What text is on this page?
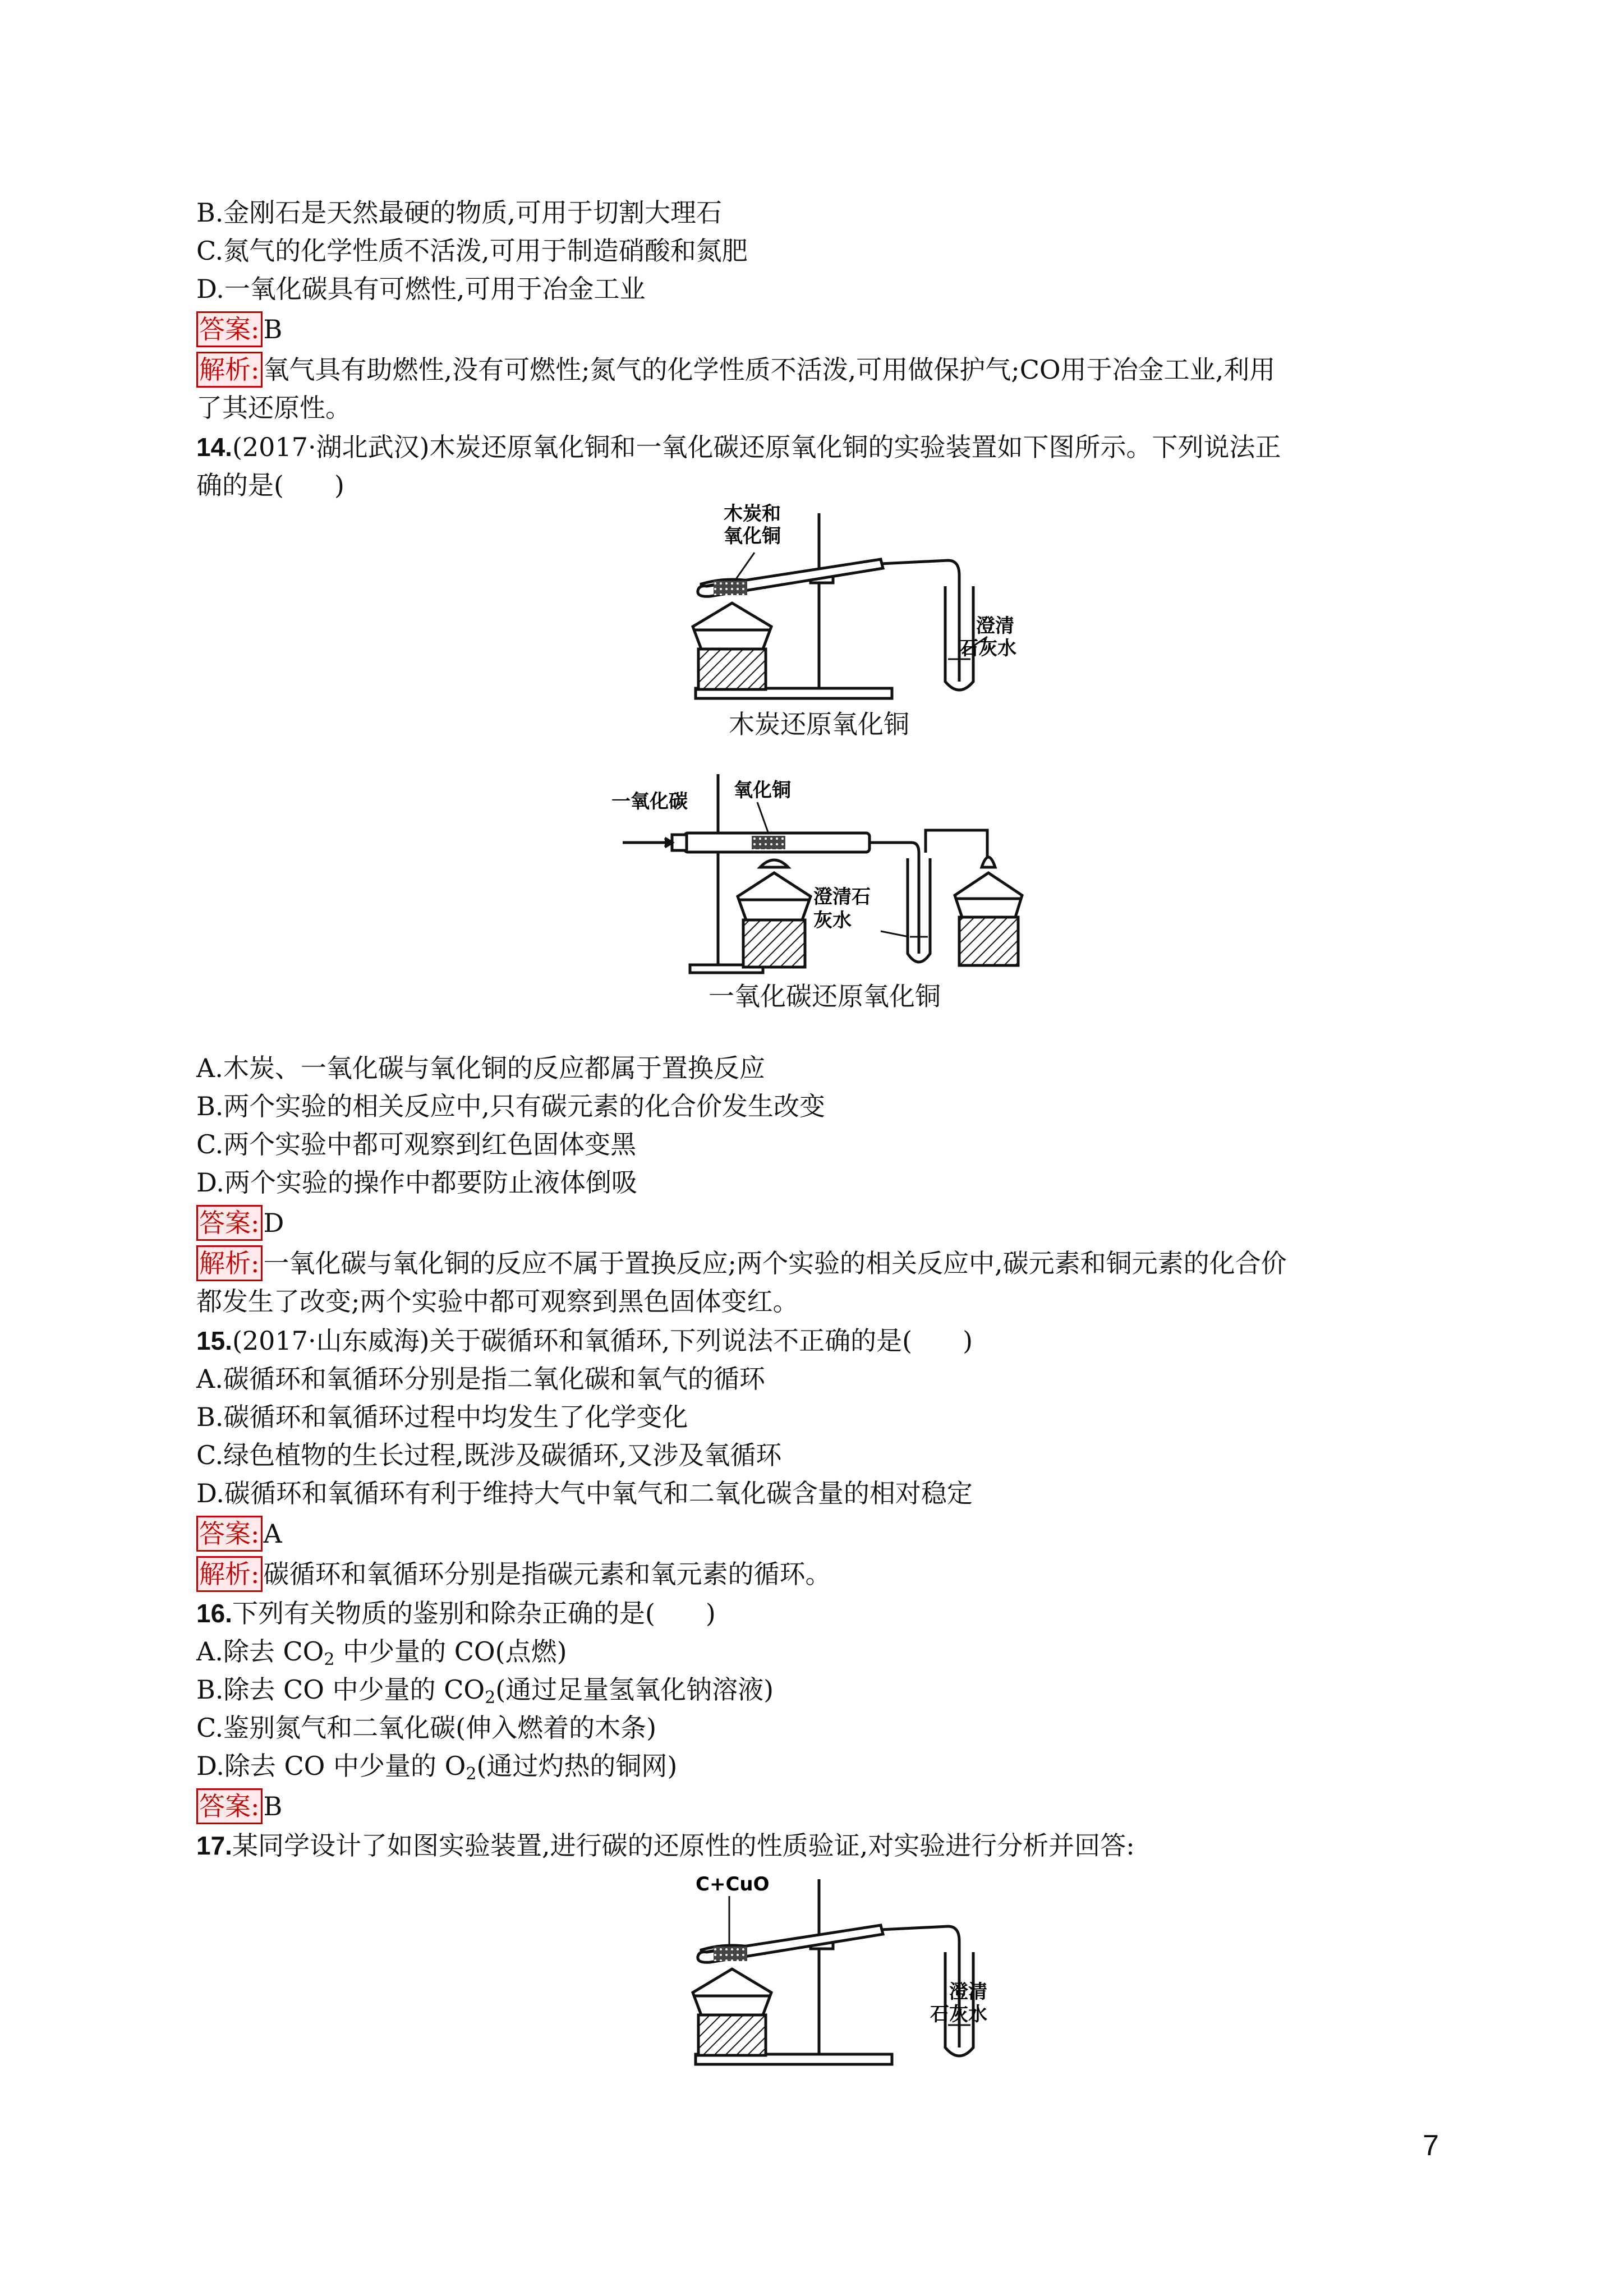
B.金刚石是天然最硬的物质,可用于切割大理石
C.氮气的化学性质不活泼,可用于制造硝酸和氮肥
D.一氧化碳具有可燃性,可用于冶金工业
答案: B
解析: 氧气具有助燃性,没有可燃性;氮气的化学性质不活泼,可用做保护气;CO用于冶金工业,利用
了其还原性。
14.(2017·湖北武汉)木炭还原氧化铜和一氧化碳还原氧化铜的实验装置如下图所示。下列说法正
确的是( )
木炭和
氧化铜
澄清
石灰水
木炭还原氧化铜
一氧化碳 氧化铜
澄清石
灰水
一氧化碳还原氧化铜
A.木炭、一氧化碳与氧化铜的反应都属于置换反应
B.两个实验的相关反应中,只有碳元素的化合价发生改变
C.两个实验中都可观察到红色固体变黑
D.两个实验的操作中都要防止液体倒吸
答案: D
解析: 一氧化碳与氧化铜的反应不属于置换反应;两个实验的相关反应中,碳元素和铜元素的化合价
都发生了改变;两个实验中都可观察到黑色固体变红。
15.(2017·山东威海)关于碳循环和氧循环,下列说法不正确的是( )
A.碳循环和氧循环分别是指二氧化碳和氧气的循环
B.碳循环和氧循环过程中均发生了化学变化
C.绿色植物的生长过程,既涉及碳循环,又涉及氧循环
D.碳循环和氧循环有利于维持大气中氧气和二氧化碳含量的相对稳定
答案: A
解析: 碳循环和氧循环分别是指碳元素和氧元素的循环。
16.下列有关物质的鉴别和除杂正确的是( )
A.除去 $CO_2$ 中少量的 CO(点燃)
B.除去 CO 中少量的 $CO_2$(通过足量氢氧化钠溶液)
C.鉴别氮气和二氧化碳(伸入燃着的木条)
D.除去 CO 中少量的 $O_2$(通过灼热的铜网)
答案: B
17.某同学设计了如图实验装置,进行碳的还原性的性质验证,对实验进行分析并回答:
C+CuO
澄清
石灰水
7
